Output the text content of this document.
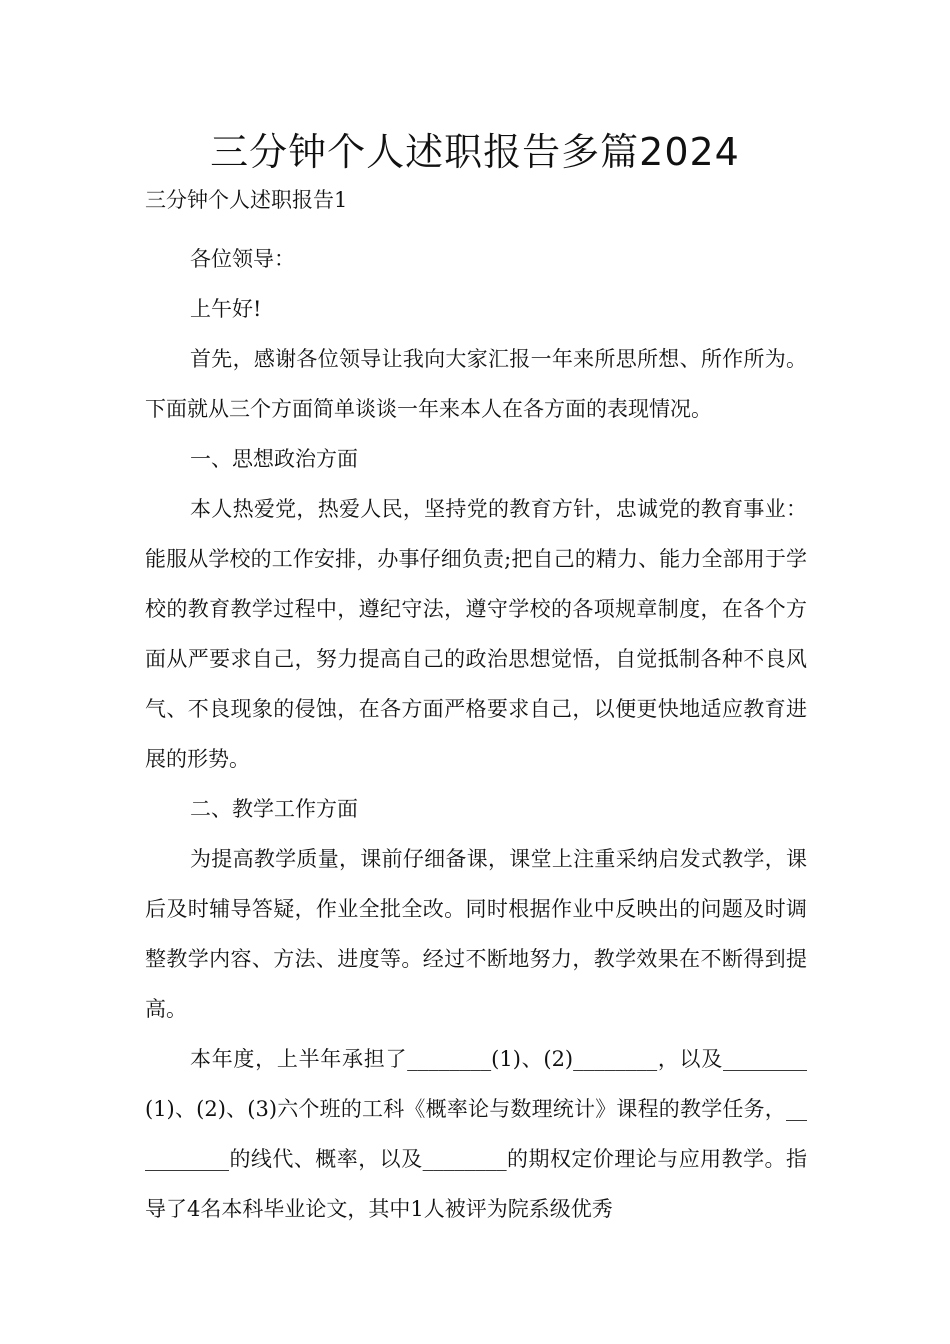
三分钟个人述职报告多篇2024

三分钟个人述职报告1

各位领导：

上午好!

首先，感谢各位领导让我向大家汇报一年来所思所想、所作所为。下面就从三个方面简单谈谈一年来本人在各方面的表现情况。

一、思想政治方面

本人热爱党，热爱人民，坚持党的教育方针，忠诚党的教育事业：能服从学校的工作安排，办事仔细负责;把自己的精力、能力全部用于学校的教育教学过程中，遵纪守法，遵守学校的各项规章制度，在各个方面从严要求自己，努力提高自己的政治思想觉悟，自觉抵制各种不良风气、不良现象的侵蚀，在各方面严格要求自己，以便更快地适应教育进展的形势。

二、教学工作方面

为提高教学质量，课前仔细备课，课堂上注重采纳启发式教学，课后及时辅导答疑，作业全批全改。同时根据作业中反映出的问题及时调整教学内容、方法、进度等。经过不断地努力，教学效果在不断得到提高。

本年度，上半年承担了________(1)、(2)________，以及________(1)、(2)、(3)六个班的工科《概率论与数理统计》课程的教学任务，__________的线代、概率，以及________的期权定价理论与应用教学。指导了4名本科毕业论文，其中1人被评为院系级优秀
